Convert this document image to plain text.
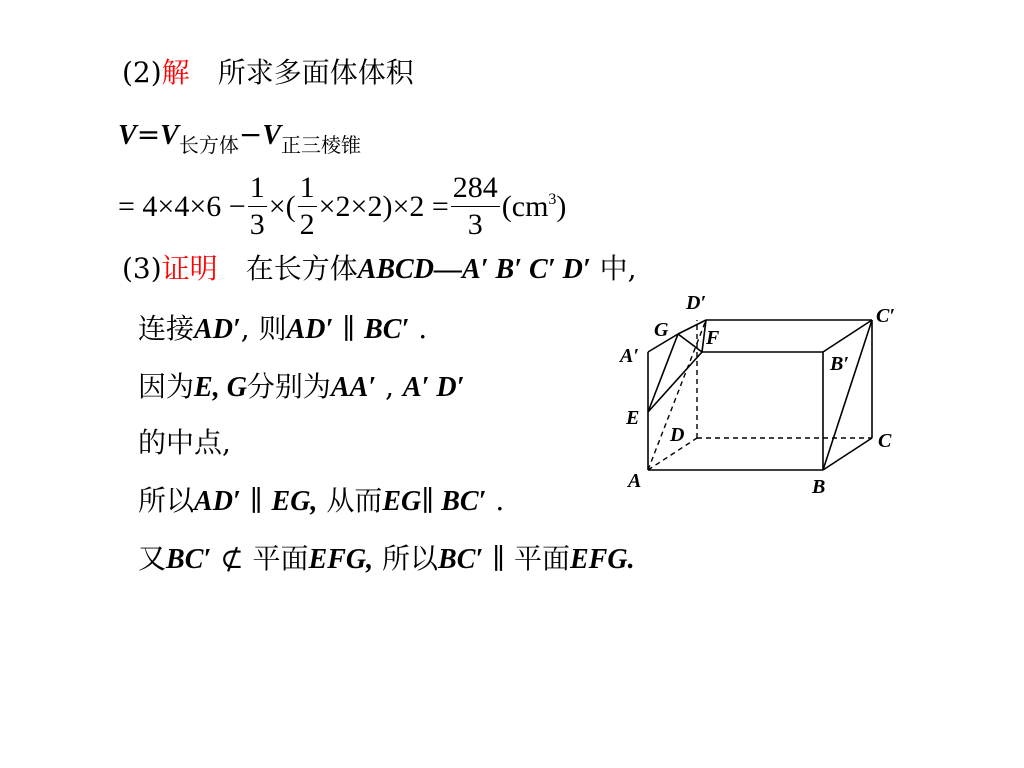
(2)解 所求多面体体积
$V=V_{长方体}-V_{正三棱锥}$
= $4\times 4\times 6 - \frac{1}{3}$ ×( $\frac{1}{2} \times 2\times 2)\times 2 = \frac{284}{3} (cm^3)$
(3)证明 在长方体ABCD—A′ B′ C′ D′ 中,
连接AD′, 则AD′ ∥ BC′ .
因为E, G分别为AA′ , A′ D′
的中点,
所以AD′ ∥ EG, 从而EG∥ BC′ .
又BC′ ⊄ 平面EFG, 所以BC′ ∥ 平面EFG.
D′
C′
G F
A′	B′
E
D	C
A	B
